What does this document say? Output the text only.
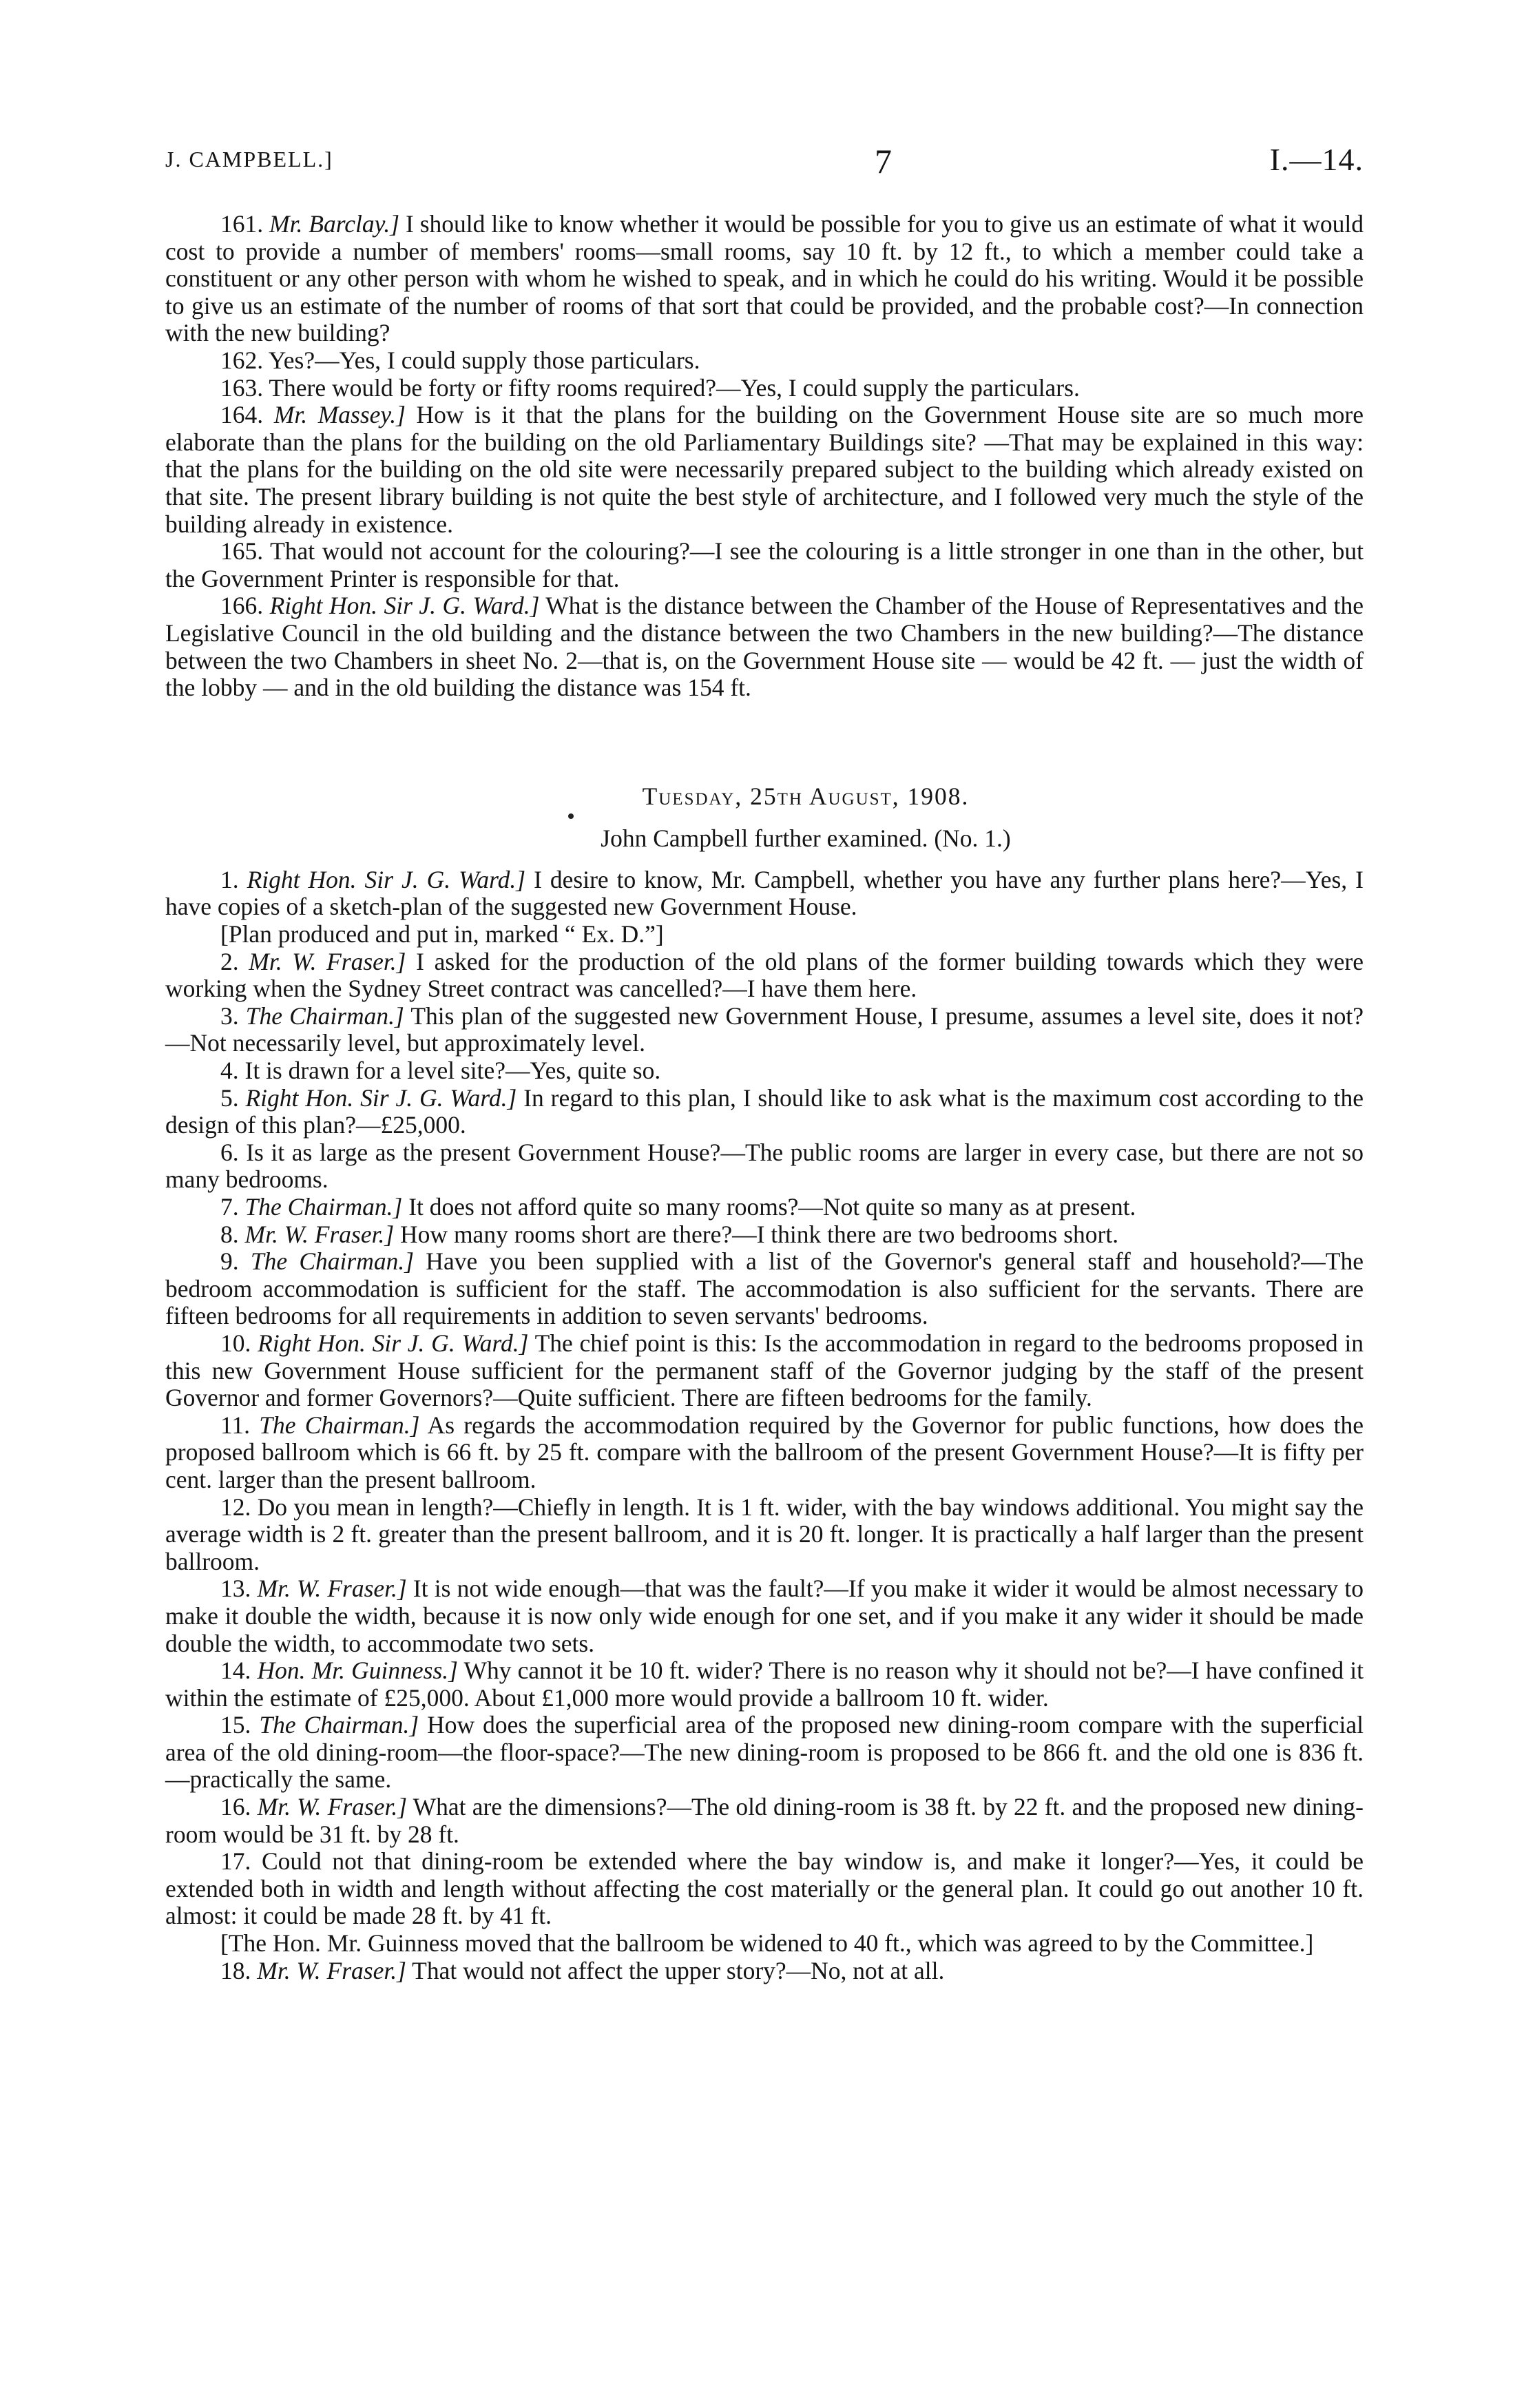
J. CAMPBELL.]	7	I.—14.

161. Mr. Barclay.] I should like to know whether it would be possible for you to give us an estimate of what it would cost to provide a number of members' rooms—small rooms, say 10 ft. by 12 ft., to which a member could take a constituent or any other person with whom he wished to speak, and in which he could do his writing. Would it be possible to give us an estimate of the number of rooms of that sort that could be provided, and the probable cost?—In connection with the new building?

162. Yes?—Yes, I could supply those particulars.

163. There would be forty or fifty rooms required?—Yes, I could supply the particulars.

164. Mr. Massey.] How is it that the plans for the building on the Government House site are so much more elaborate than the plans for the building on the old Parliamentary Buildings site? —That may be explained in this way: that the plans for the building on the old site were necessarily prepared subject to the building which already existed on that site. The present library building is not quite the best style of architecture, and I followed very much the style of the building already in existence.

165. That would not account for the colouring?—I see the colouring is a little stronger in one than in the other, but the Government Printer is responsible for that.

166. Right Hon. Sir J. G. Ward.] What is the distance between the Chamber of the House of Representatives and the Legislative Council in the old building and the distance between the two Chambers in the new building?—The distance between the two Chambers in sheet No. 2—that is, on the Government House site — would be 42 ft. — just the width of the lobby — and in the old building the distance was 154 ft.

Tuesday, 25th August, 1908.

John Campbell further examined. (No. 1.)

1. Right Hon. Sir J. G. Ward.] I desire to know, Mr. Campbell, whether you have any further plans here?—Yes, I have copies of a sketch-plan of the suggested new Government House.

[Plan produced and put in, marked “ Ex. D.”]

2. Mr. W. Fraser.] I asked for the production of the old plans of the former building towards which they were working when the Sydney Street contract was cancelled?—I have them here.

3. The Chairman.] This plan of the suggested new Government House, I presume, assumes a level site, does it not?—Not necessarily level, but approximately level.

4. It is drawn for a level site?—Yes, quite so.

5. Right Hon. Sir J. G. Ward.] In regard to this plan, I should like to ask what is the maximum cost according to the design of this plan?—£25,000.

6. Is it as large as the present Government House?—The public rooms are larger in every case, but there are not so many bedrooms.

7. The Chairman.] It does not afford quite so many rooms?—Not quite so many as at present.

8. Mr. W. Fraser.] How many rooms short are there?—I think there are two bedrooms short.

9. The Chairman.] Have you been supplied with a list of the Governor's general staff and household?—The bedroom accommodation is sufficient for the staff. The accommodation is also sufficient for the servants. There are fifteen bedrooms for all requirements in addition to seven servants' bedrooms.

10. Right Hon. Sir J. G. Ward.] The chief point is this: Is the accommodation in regard to the bedrooms proposed in this new Government House sufficient for the permanent staff of the Governor judging by the staff of the present Governor and former Governors?—Quite sufficient. There are fifteen bedrooms for the family.

11. The Chairman.] As regards the accommodation required by the Governor for public functions, how does the proposed ballroom which is 66 ft. by 25 ft. compare with the ballroom of the present Government House?—It is fifty per cent. larger than the present ballroom.

12. Do you mean in length?—Chiefly in length. It is 1 ft. wider, with the bay windows additional. You might say the average width is 2 ft. greater than the present ballroom, and it is 20 ft. longer. It is practically a half larger than the present ballroom.

13. Mr. W. Fraser.] It is not wide enough—that was the fault?—If you make it wider it would be almost necessary to make it double the width, because it is now only wide enough for one set, and if you make it any wider it should be made double the width, to accommodate two sets.

14. Hon. Mr. Guinness.] Why cannot it be 10 ft. wider? There is no reason why it should not be?—I have confined it within the estimate of £25,000. About £1,000 more would provide a ballroom 10 ft. wider.

15. The Chairman.] How does the superficial area of the proposed new dining-room compare with the superficial area of the old dining-room—the floor-space?—The new dining-room is proposed to be 866 ft. and the old one is 836 ft.—practically the same.

16. Mr. W. Fraser.] What are the dimensions?—The old dining-room is 38 ft. by 22 ft. and the proposed new dining-room would be 31 ft. by 28 ft.

17. Could not that dining-room be extended where the bay window is, and make it longer?—Yes, it could be extended both in width and length without affecting the cost materially or the general plan. It could go out another 10 ft. almost: it could be made 28 ft. by 41 ft.

[The Hon. Mr. Guinness moved that the ballroom be widened to 40 ft., which was agreed to by the Committee.]

18. Mr. W. Fraser.] That would not affect the upper story?—No, not at all.
